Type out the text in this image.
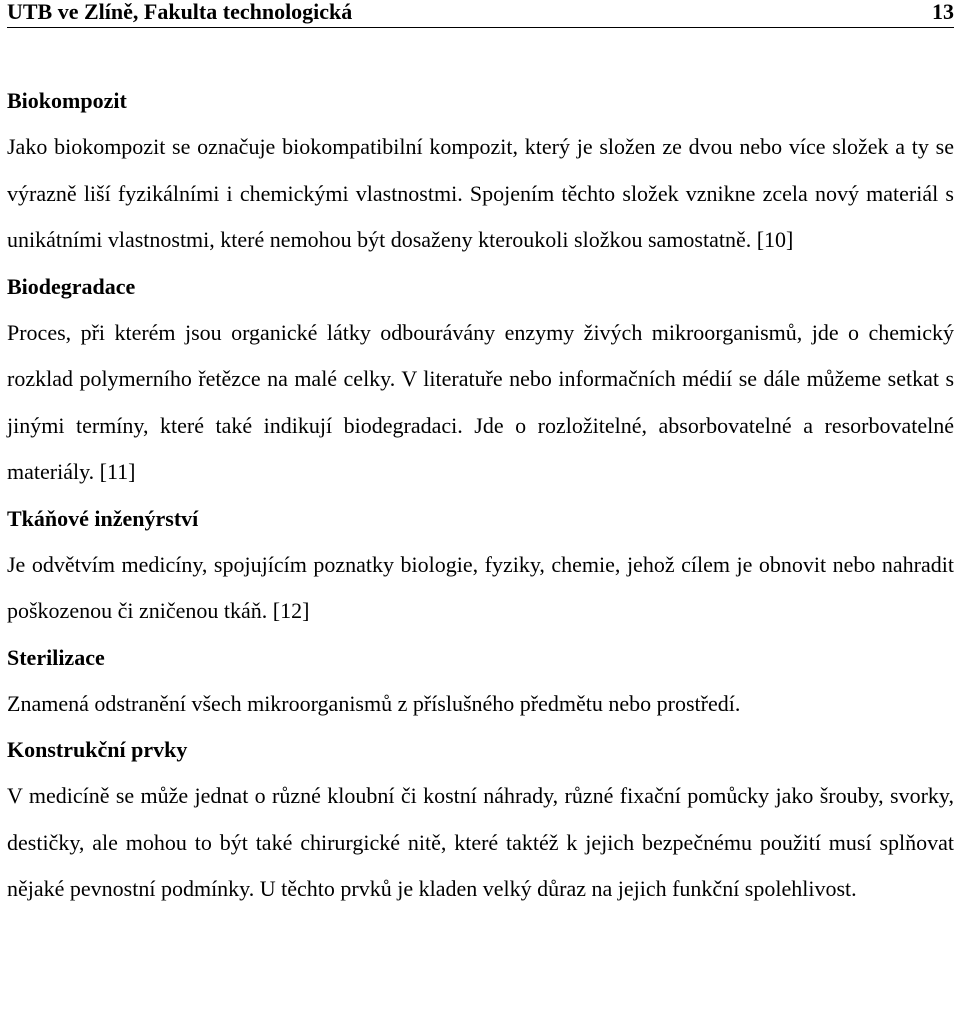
UTB ve Zlíně, Fakulta technologická	13
Biokompozit

Jako biokompozit se označuje biokompatibilní kompozit, který je složen ze dvou nebo více složek a ty se výrazně liší fyzikálními i chemickými vlastnostmi. Spojením těchto složek vznikne zcela nový materiál s unikátními vlastnostmi, které nemohou být dosaženy kteroukoli složkou samostatně. [10]

Biodegradace

Proces, při kterém jsou organické látky odbourávány enzymy živých mikroorganismů, jde o chemický rozklad polymerního řetězce na malé celky. V literatuře nebo informačních médií se dále můžeme setkat s jinými termíny, které také indikují biodegradaci. Jde o rozložitelné, absorbovatelné a resorbovatelné materiály. [11]

Tkáňové inženýrství

Je odvětvím medicíny, spojujícím poznatky biologie, fyziky, chemie, jehož cílem je obnovit nebo nahradit poškozenou či zničenou tkáň. [12]

Sterilizace

Znamená odstranění všech mikroorganismů z příslušného předmětu nebo prostředí.

Konstrukční prvky

V medicíně se může jednat o různé kloubní či kostní náhrady, různé fixační pomůcky jako šrouby, svorky, destičky, ale mohou to být také chirurgické nitě, které taktéž k jejich bezpečnému použití musí splňovat nějaké pevnostní podmínky. U těchto prvků je kladen velký důraz na jejich funkční spolehlivost.
